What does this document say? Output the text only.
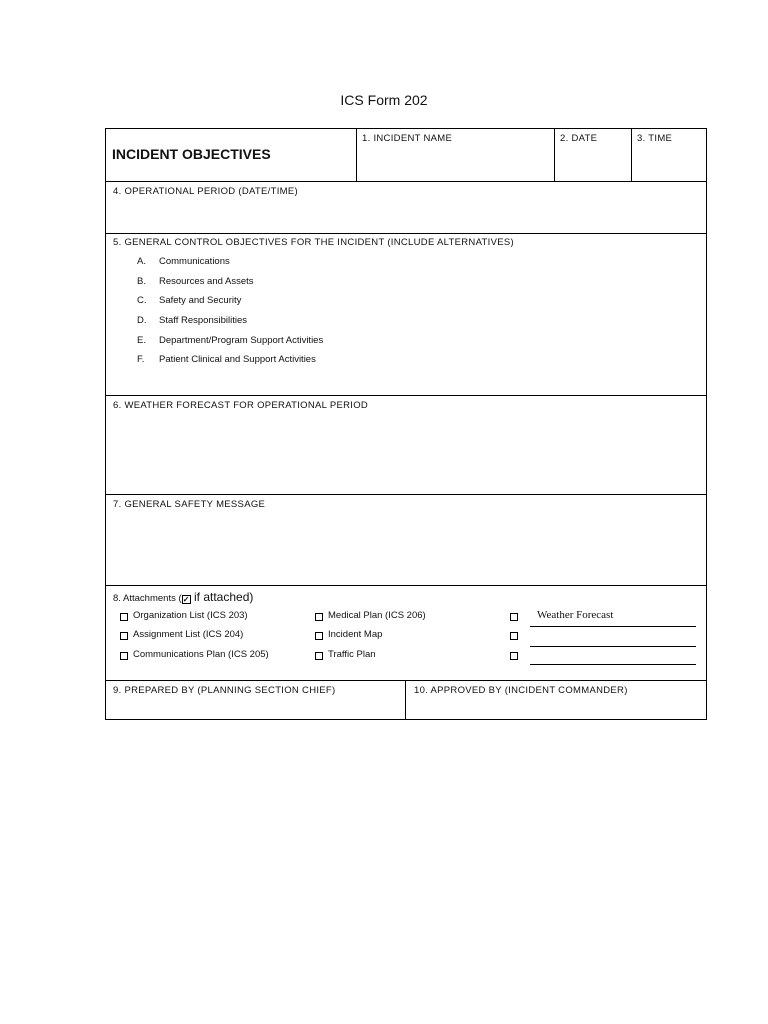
ICS Form 202
INCIDENT OBJECTIVES
1. INCIDENT NAME	2. DATE	3. TIME
4. OPERATIONAL PERIOD (DATE/TIME)
5. GENERAL CONTROL OBJECTIVES FOR THE INCIDENT (INCLUDE ALTERNATIVES)
A. Communications
B. Resources and Assets
C. Safety and Security
D. Staff Responsibilities
E. Department/Program Support Activities
F. Patient Clinical and Support Activities
6. WEATHER FORECAST FOR OPERATIONAL PERIOD
7. GENERAL SAFETY MESSAGE
8. Attachments (✓ if attached)
Organization List (ICS 203)
Assignment List (ICS 204)
Communications Plan (ICS 205)
Medical Plan (ICS 206)
Incident Map
Traffic Plan
Weather Forecast
9. PREPARED BY (PLANNING SECTION CHIEF)	10. APPROVED BY (INCIDENT COMMANDER)
